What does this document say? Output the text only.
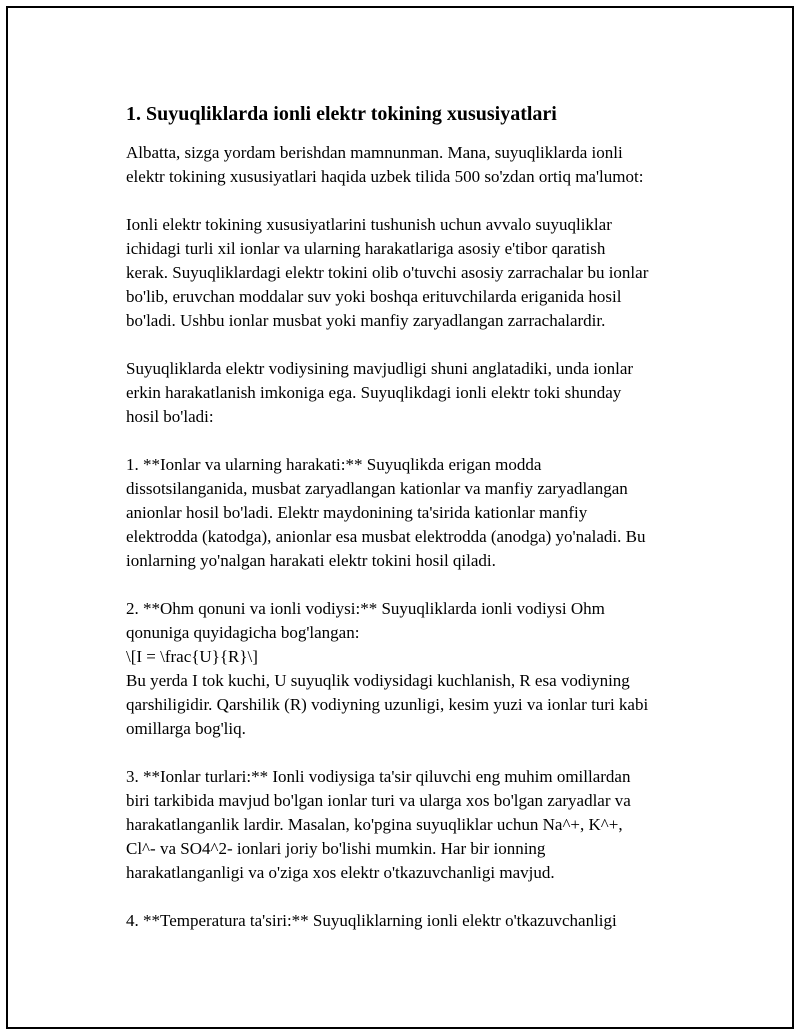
1. Suyuqliklarda ionli elektr tokining xususiyatlari

Albatta, sizga yordam berishdan mamnunman. Mana, suyuqliklarda ionli
elektr tokining xususiyatlari haqida uzbek tilida 500 so'zdan ortiq ma'lumot:

Ionli elektr tokining xususiyatlarini tushunish uchun avvalo suyuqliklar
ichidagi turli xil ionlar va ularning harakatlariga asosiy e'tibor qaratish
kerak. Suyuqliklardagi elektr tokini olib o'tuvchi asosiy zarrachalar bu ionlar
bo'lib, eruvchan moddalar suv yoki boshqa erituvchilarda eriganida hosil
bo'ladi. Ushbu ionlar musbat yoki manfiy zaryadlangan zarrachalardir.

Suyuqliklarda elektr vodiysining mavjudligi shuni anglatadiki, unda ionlar
erkin harakatlanish imkoniga ega. Suyuqlikdagi ionli elektr toki shunday
hosil bo'ladi:

1. **Ionlar va ularning harakati:** Suyuqlikda erigan modda
dissotsilanganida, musbat zaryadlangan kationlar va manfiy zaryadlangan
anionlar hosil bo'ladi. Elektr maydonining ta'sirida kationlar manfiy
elektrodda (katodga), anionlar esa musbat elektrodda (anodga) yo'naladi. Bu
ionlarning yo'nalgan harakati elektr tokini hosil qiladi.

2. **Ohm qonuni va ionli vodiysi:** Suyuqliklarda ionli vodiysi Ohm
qonuniga quyidagicha bog'langan:
\[I = \frac{U}{R}\]
Bu yerda I tok kuchi, U suyuqlik vodiysidagi kuchlanish, R esa vodiyning
qarshiligidir. Qarshilik (R) vodiyning uzunligi, kesim yuzi va ionlar turi kabi
omillarga bog'liq.

3. **Ionlar turlari:** Ionli vodiysiga ta'sir qiluvchi eng muhim omillardan
biri tarkibida mavjud bo'lgan ionlar turi va ularga xos bo'lgan zaryadlar va
harakatlanganlik lardir. Masalan, ko'pgina suyuqliklar uchun Na^+, K^+,
Cl^- va SO4^2- ionlari joriy bo'lishi mumkin. Har bir ionning
harakatlanganligi va o'ziga xos elektr o'tkazuvchanligi mavjud.

4. **Temperatura ta'siri:** Suyuqliklarning ionli elektr o'tkazuvchanligi
